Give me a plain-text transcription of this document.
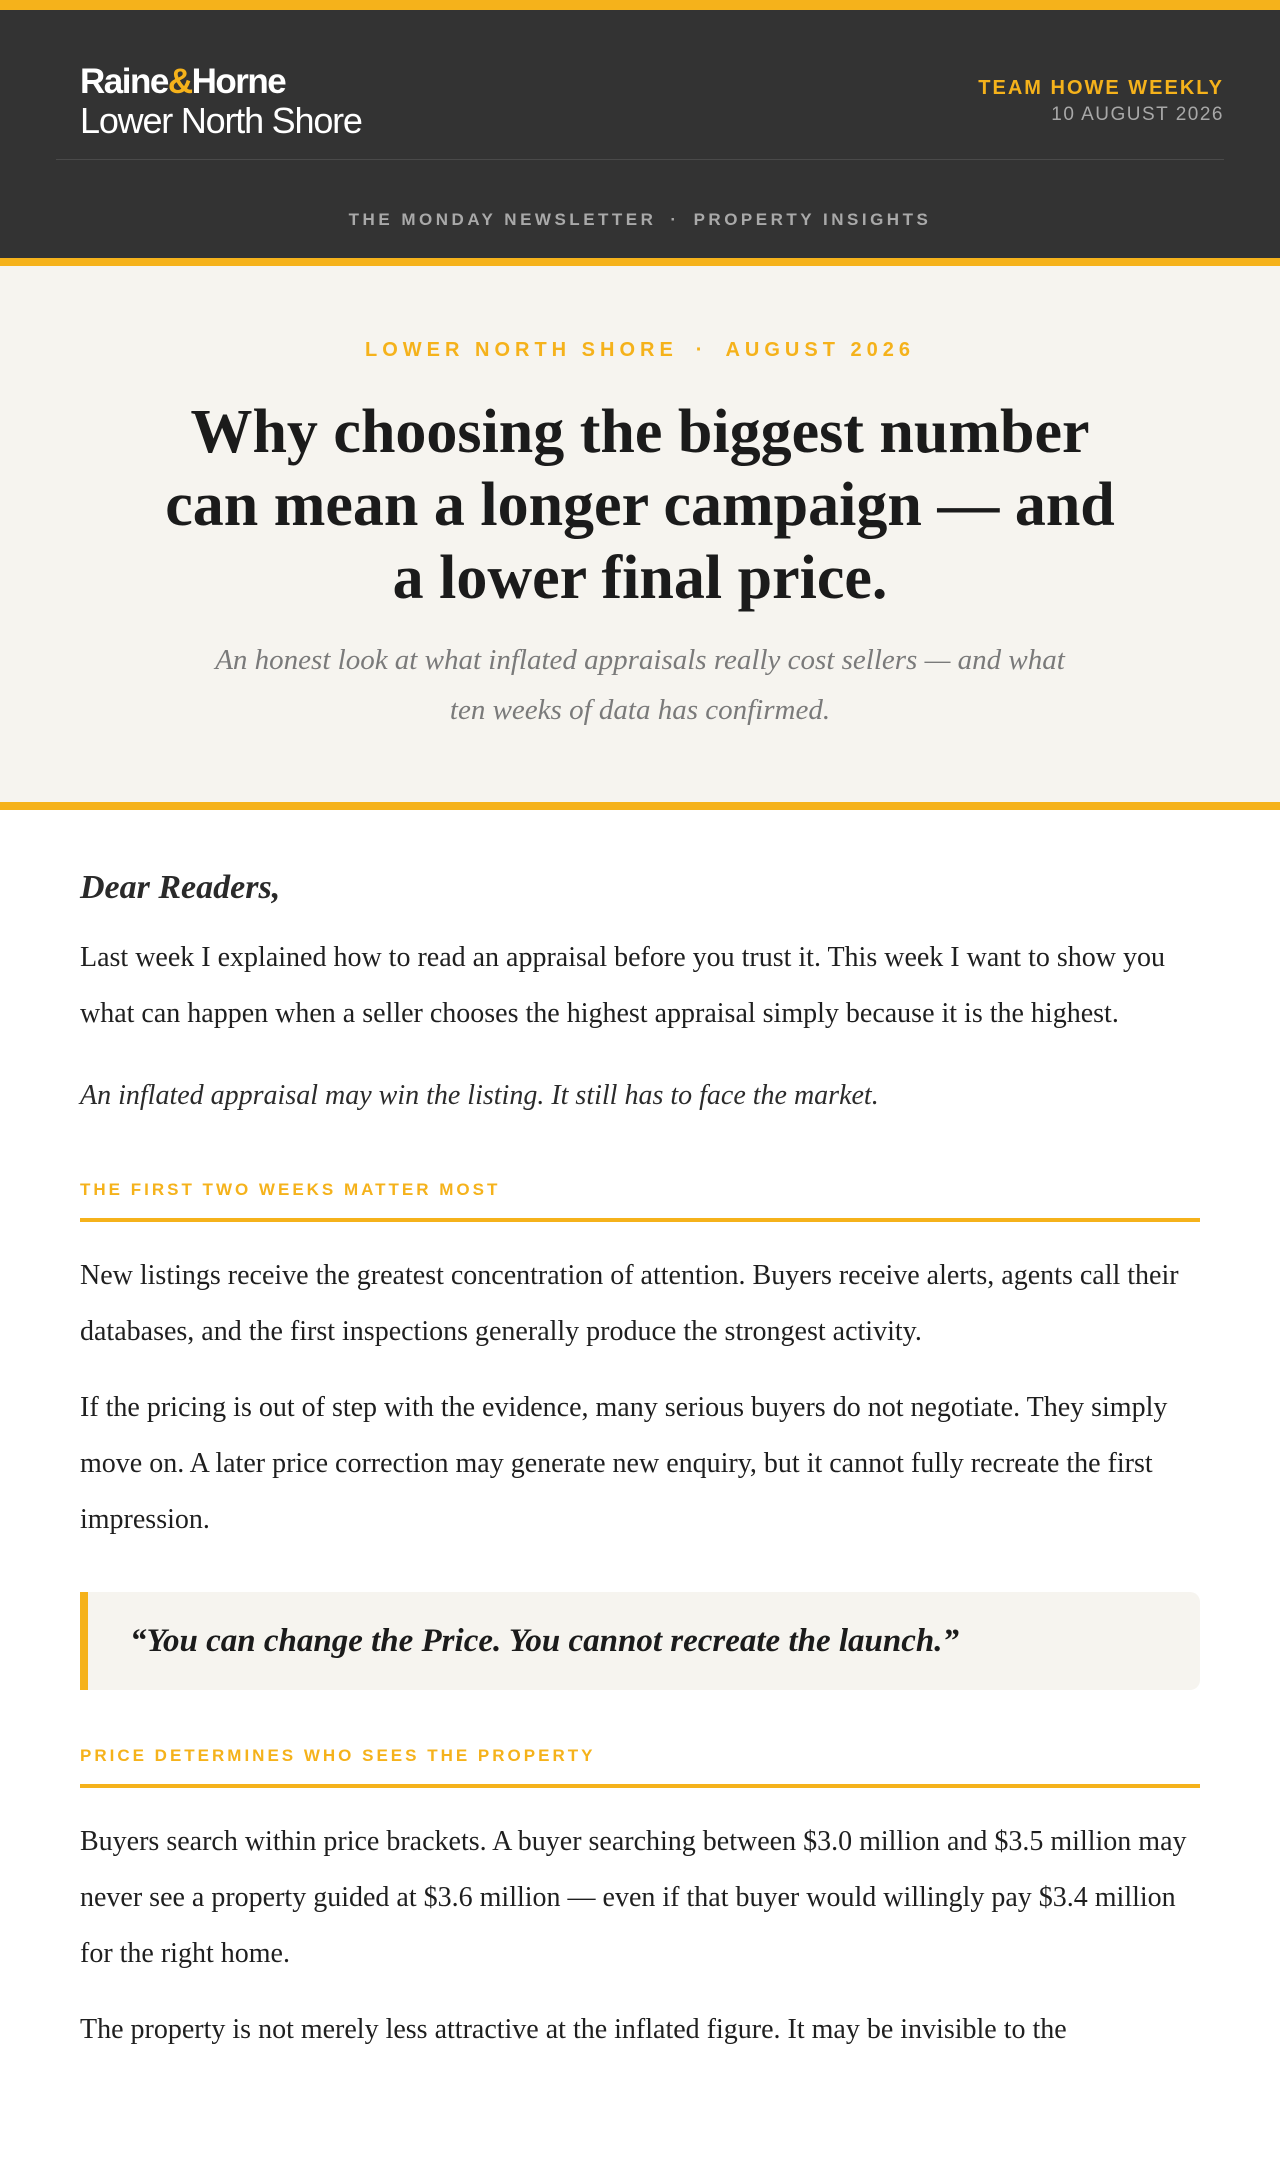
Raine&Horne
Lower North Shore
TEAM HOWE WEEKLY
10 AUGUST 2026
THE MONDAY NEWSLETTER · PROPERTY INSIGHTS
LOWER NORTH SHORE · AUGUST 2026
Why choosing the biggest number can mean a longer campaign — and a lower final price.

An honest look at what inflated appraisals really cost sellers — and what ten weeks of data has confirmed.

Dear Readers,

Last week I explained how to read an appraisal before you trust it. This week I want to show you what can happen when a seller chooses the highest appraisal simply because it is the highest.

An inflated appraisal may win the listing. It still has to face the market.

THE FIRST TWO WEEKS MATTER MOST

New listings receive the greatest concentration of attention. Buyers receive alerts, agents call their databases, and the first inspections generally produce the strongest activity.

If the pricing is out of step with the evidence, many serious buyers do not negotiate. They simply move on. A later price correction may generate new enquiry, but it cannot fully recreate the first impression.

“You can change the Price. You cannot recreate the launch.”
PRICE DETERMINES WHO SEES THE PROPERTY

Buyers search within price brackets. A buyer searching between $3.0 million and $3.5 million may never see a property guided at $3.6 million — even if that buyer would willingly pay $3.4 million for the right home.

The property is not merely less attractive at the inflated figure. It may be invisible to the
